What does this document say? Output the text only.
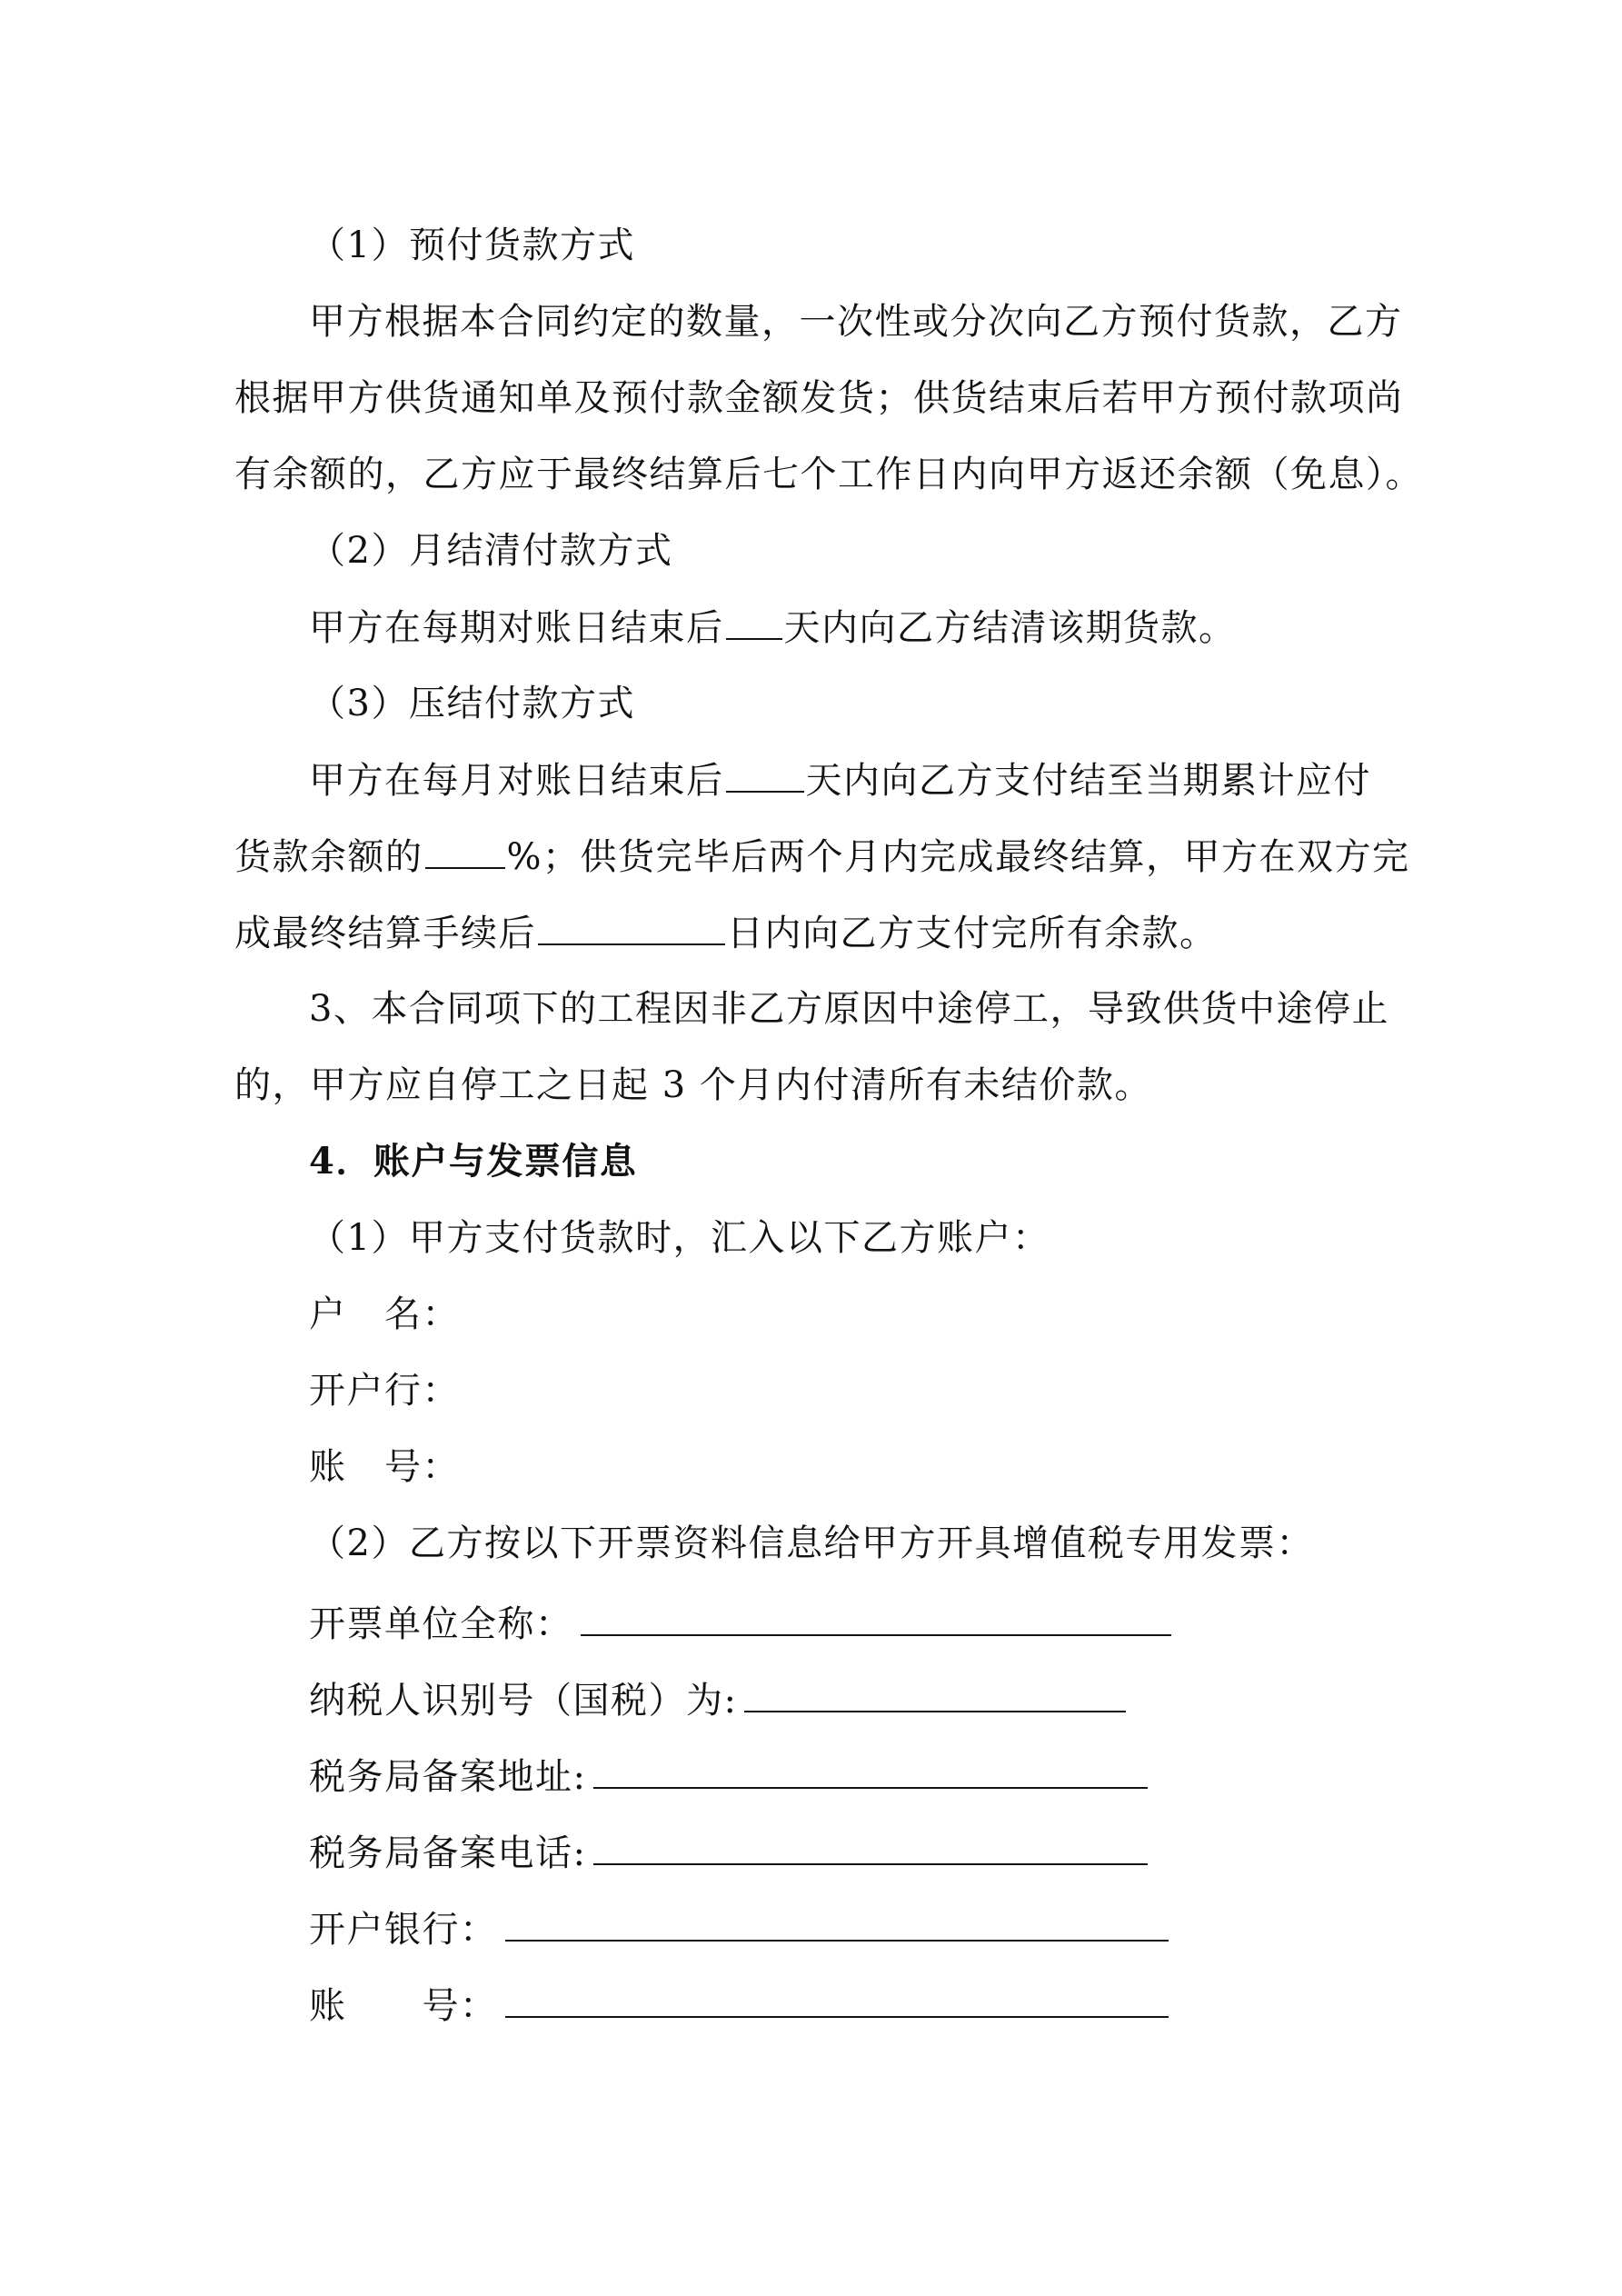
（1）预付货款方式
甲方根据本合同约定的数量，一次性或分次向乙方预付货款，乙方
根据甲方供货通知单及预付款金额发货；供货结束后若甲方预付款项尚
有余额的，乙方应于最终结算后七个工作日内向甲方返还余额（免息）。
（2）月结清付款方式
甲方在每期对账日结束后 天内向乙方结清该期货款。
（3）压结付款方式
甲方在每月对账日结束后 天内向乙方支付结至当期累计应付
货款余额的 %；供货完毕后两个月内完成最终结算，甲方在双方完
成最终结算手续后	日内向乙方支付完所有余款。
3、本合同项下的工程因非乙方原因中途停工，导致供货中途停止
的，甲方应自停工之日起 3 个月内付清所有未结价款。
4．账户与发票信息
（1）甲方支付货款时，汇入以下乙方账户：
户　名：
开户行：
账　号：
（2）乙方按以下开票资料信息给甲方开具增值税专用发票：
开票单位全称：
纳税人识别号（国税）为:
税务局备案地址:
税务局备案电话:
开户银行：
账　　号：
